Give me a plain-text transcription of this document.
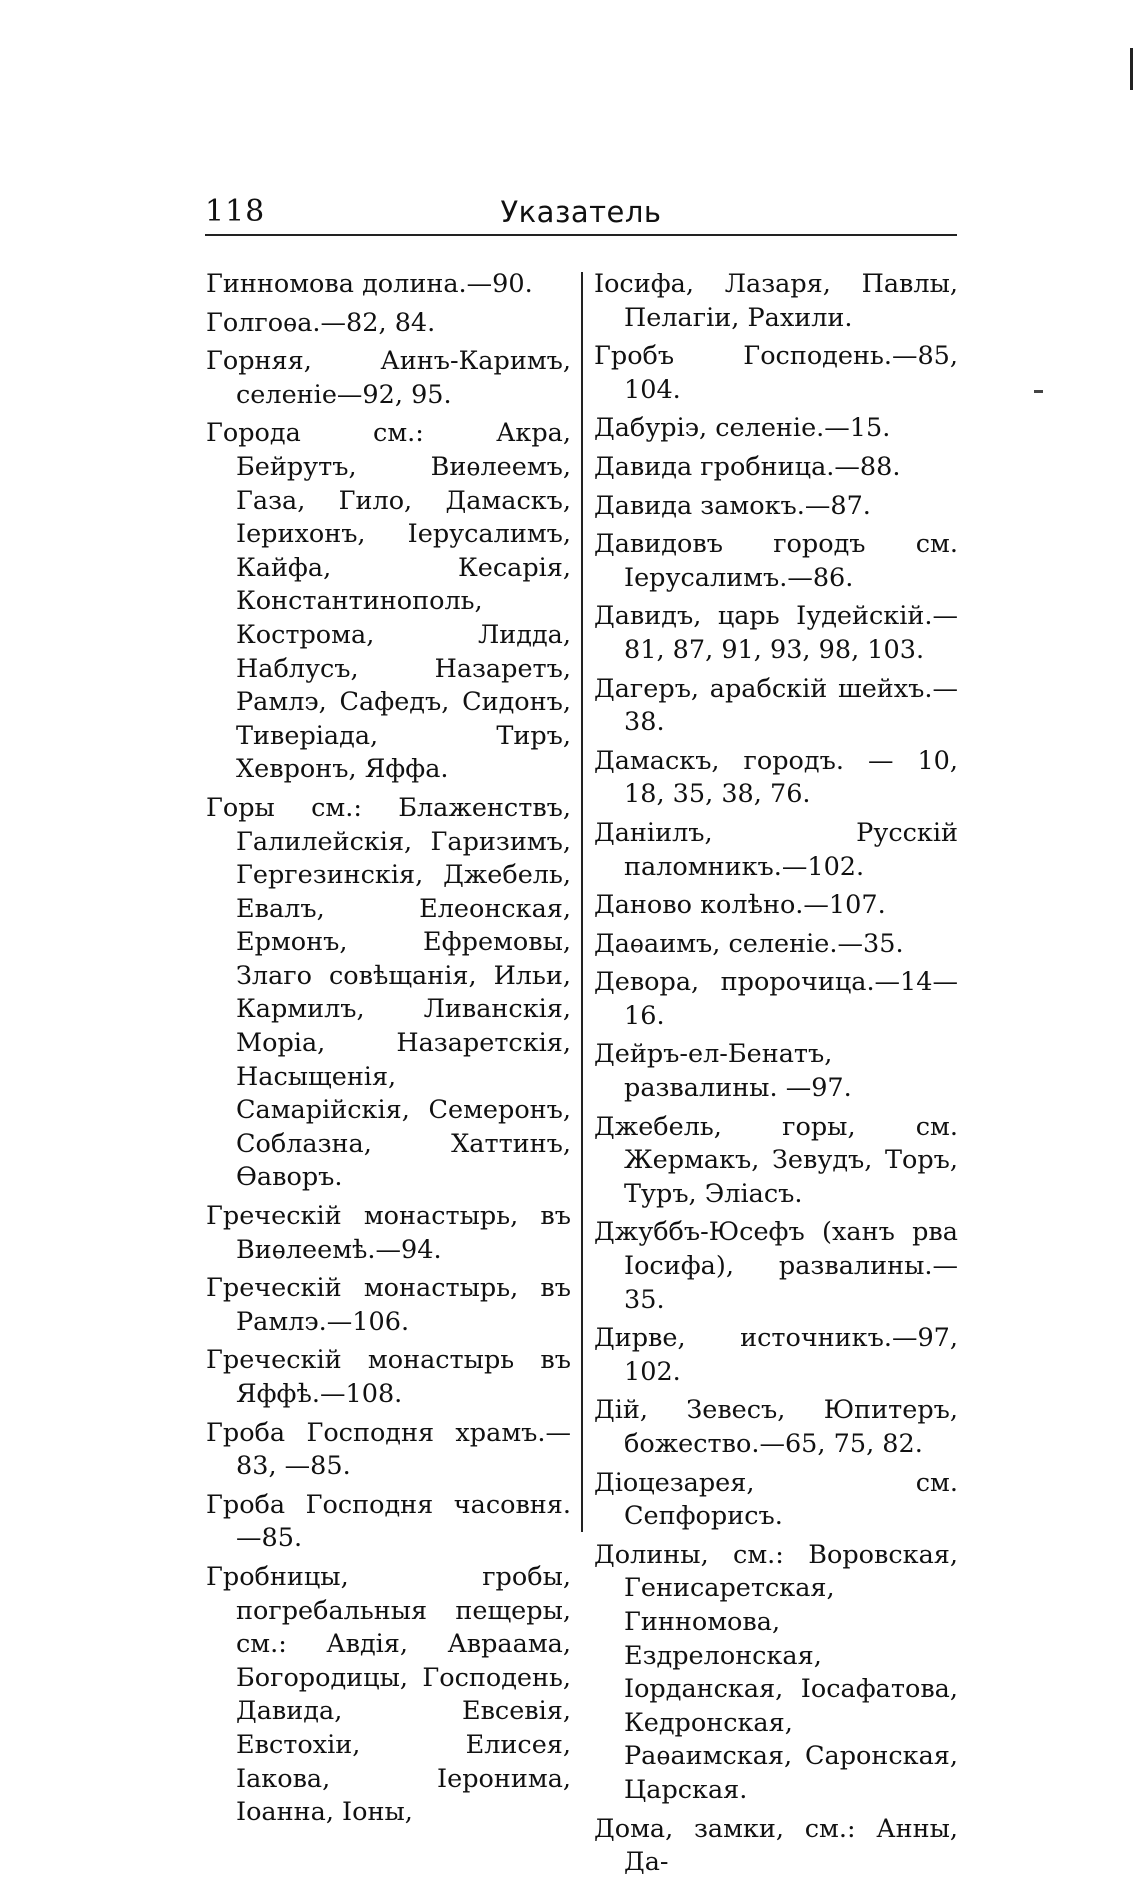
118	Указатель

Гинномова долина.—90.

Голгоѳа.—82, 84.

Горняя, Аинъ-Каримъ, селеніе—92, 95.

Города см.: Акра, Бейрутъ, Виѳлеемъ, Газа, Гило, Дамаскъ, Іерихонъ, Іерусалимъ, Кайфа, Кесарія, Константинополь, Кострома, Лидда, Наблусъ, Назаретъ, Рамлэ, Сафедъ, Сидонъ, Тиверіада, Тиръ, Хевронъ, Яффа.

Горы см.: Блаженствъ, Галилейскія, Гаризимъ, Гергезинскія, Джебель, Евалъ, Елеонская, Ермонъ, Ефремовы, Злаго совѣщанія, Ильи, Кармилъ, Ливанскія, Моріа, Назаретскія, Насыщенія, Самарійскія, Семеронъ, Соблазна, Хаттинъ, Ѳаворъ.

Греческій монастырь, въ Виѳлеемѣ.—94.

Греческій монастырь, въ Рамлэ.—106.

Греческій монастырь въ Яффѣ.—108.

Гроба Господня храмъ.—83, —85.

Гроба Господня часовня.—85.

Гробницы, гробы, погребальныя пещеры, см.: Авдія, Авраама, Богородицы, Господень, Давида, Евсевія, Евстохіи, Елисея, Іакова, Іеронима, Іоанна, Іоны,

Іосифа, Лазаря, Павлы, Пелагіи, Рахили.

Гробъ Господень.—85, 104.

Дабуріэ, селеніе.—15.

Давида гробница.—88.

Давида замокъ.—87.

Давидовъ городъ см. Іерусалимъ.—86.

Давидъ, царь Іудейскій.—81, 87, 91, 93, 98, 103.

Дагеръ, арабскій шейхъ.—38.

Дамаскъ, городъ. — 10, 18, 35, 38, 76.

Даніилъ, Русскій паломникъ.—102.

Даново колѣно.—107.

Даѳаимъ, селеніе.—35.

Девора, пророчица.—14—16.

Дейръ-ел-Бенатъ, развалины. —97.

Джебель, горы, см. Жермакъ, Зевудъ, Торъ, Туръ, Эліасъ.

Джуббъ-Юсефъ (ханъ рва Іосифа), развалины.—35.

Дирве, источникъ.—97, 102.

Дій, Зевесъ, Юпитеръ, божество.—65, 75, 82.

Діоцезарея, см. Сепфорисъ.

Долины, см.: Воровская, Генисаретская, Гинномова, Ездрелонская, Іорданская, Іосафатова, Кедронская, Раѳаимская, Саронская, Царская.

Дома, замки, см.: Анны, Да-
